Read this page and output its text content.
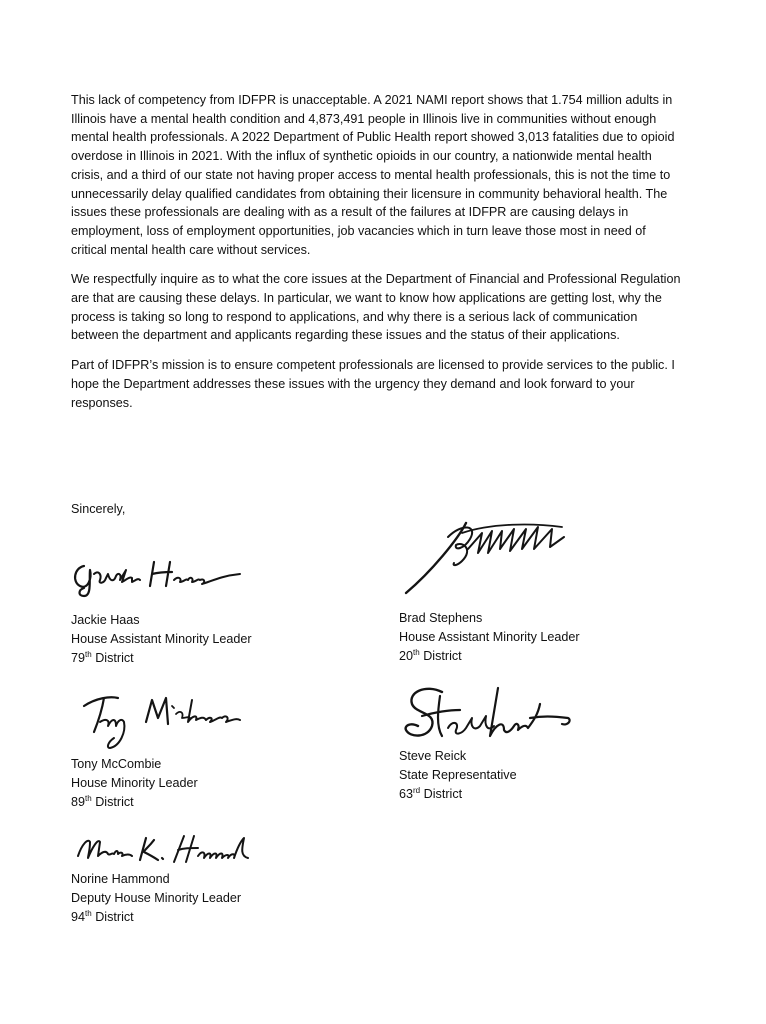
This lack of competency from IDFPR is unacceptable. A 2021 NAMI report shows that 1.754 million adults in Illinois have a mental health condition and 4,873,491 people in Illinois live in communities without enough mental health professionals. A 2022 Department of Public Health report showed 3,013 fatalities due to opioid overdose in Illinois in 2021. With the influx of synthetic opioids in our country, a nationwide mental health crisis, and a third of our state not having proper access to mental health professionals, this is not the time to unnecessarily delay qualified candidates from obtaining their licensure in community behavioral health. The issues these professionals are dealing with as a result of the failures at IDFPR are causing delays in employment, loss of employment opportunities, job vacancies which in turn leave those most in need of critical mental health care without services.

We respectfully inquire as to what the core issues at the Department of Financial and Professional Regulation are that are causing these delays. In particular, we want to know how applications are getting lost, why the process is taking so long to respond to applications, and why there is a serious lack of communication between the department and applicants regarding these issues and the status of their applications.

Part of IDFPR’s mission is to ensure competent professionals are licensed to provide services to the public. I hope the Department addresses these issues with the urgency they demand and look forward to your responses.

Sincerely,
Jackie Haas
House Assistant Minority Leader
79th District
Brad Stephens
House Assistant Minority Leader
20th District
Tony McCombie
House Minority Leader
89th District
Steve Reick
State Representative
63rd District
Norine Hammond
Deputy House Minority Leader
94th District
